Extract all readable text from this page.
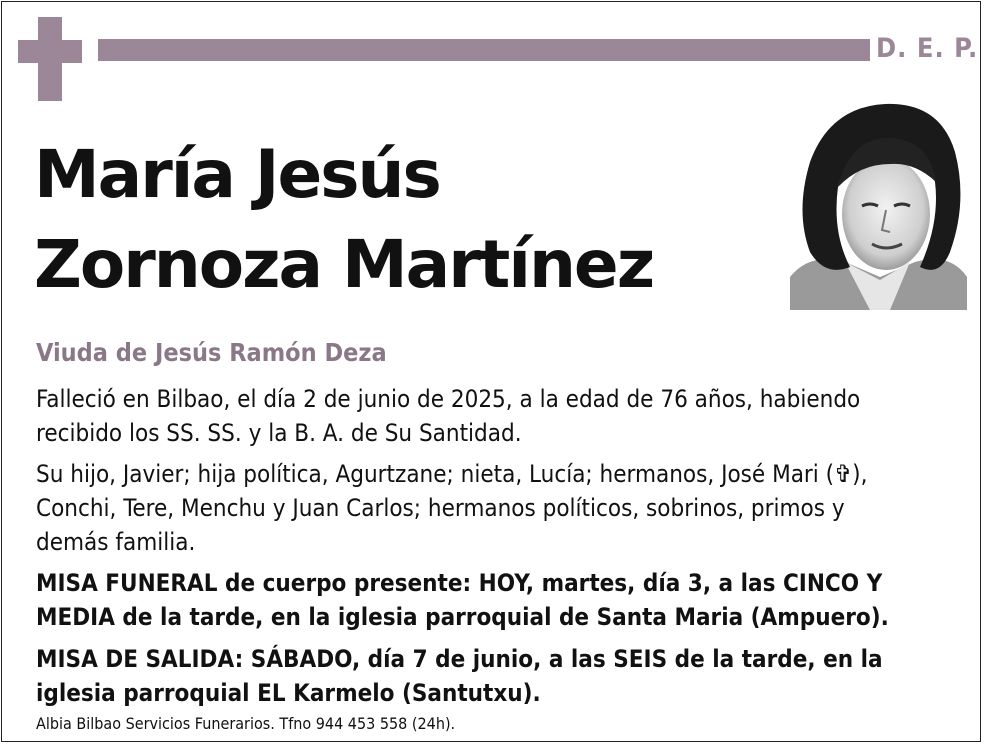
D. E. P.
María Jesús
Zornoza Martínez
Viuda de Jesús Ramón Deza

Falleció en Bilbao, el día 2 de junio de 2025, a la edad de 76 años, habiendo
recibido los SS. SS. y la B. A. de Su Santidad.

Su hijo, Javier; hija política, Agurtzane; nieta, Lucía; hermanos, José Mari (✞),
Conchi, Tere, Menchu y Juan Carlos; hermanos políticos, sobrinos, primos y
demás familia.

MISA FUNERAL de cuerpo presente: HOY, martes, día 3, a las CINCO Y
MEDIA de la tarde, en la iglesia parroquial de Santa Maria (Ampuero).

MISA DE SALIDA: SÁBADO, día 7 de junio, a las SEIS de la tarde, en la
iglesia parroquial EL Karmelo (Santutxu).

Albia Bilbao Servicios Funerarios. Tfno 944 453 558 (24h).
